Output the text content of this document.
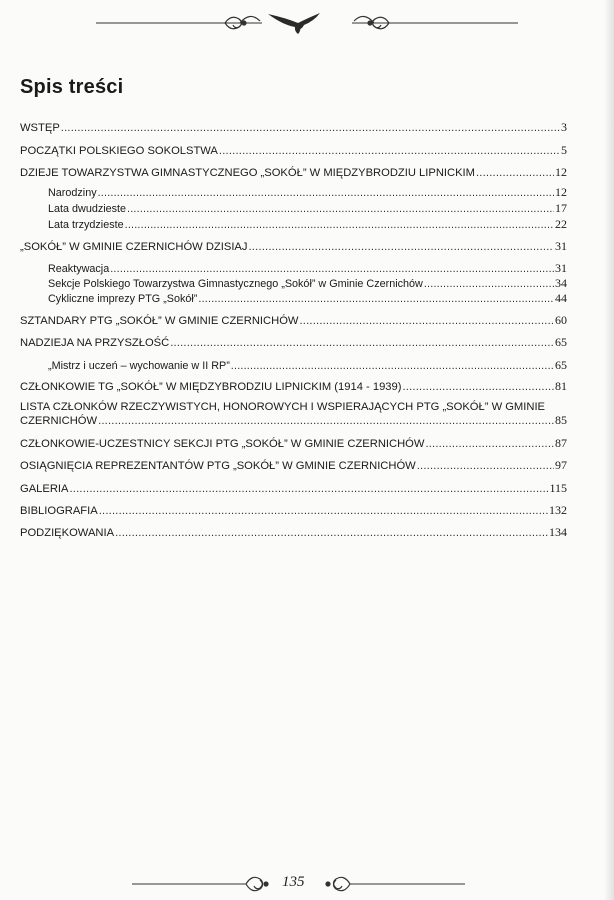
Spis treści
WSTĘP .....	3
POCZĄTKI POLSKIEGO SOKOLSTWA .....	5
DZIEJE TOWARZYSTWA GIMNASTYCZNEGO „SOKÓŁ” W MIĘDZYBRODZIU LIPNICKIM .....	12
Narodziny .....	12
Lata dwudzieste .....	17
Lata trzydzieste .....	22
„SOKÓŁ” W GMINIE CZERNICHÓW DZISIAJ .....	31
Reaktywacja .....	31
Sekcje Polskiego Towarzystwa Gimnastycznego „Sokół” w Gminie Czernichów .....	34
Cykliczne imprezy PTG „Sokół” .....	44
SZTANDARY PTG „SOKÓŁ” W GMINIE CZERNICHÓW .....	60
NADZIEJA NA PRZYSZŁOŚĆ .....	65
„Mistrz i uczeń – wychowanie w II RP” .....	65
CZŁONKOWIE TG „SOKÓŁ” W MIĘDZYBRODZIU LIPNICKIM (1914 - 1939) .....	81
LISTA CZŁONKÓW RZECZYWISTYCH, HONOROWYCH I WSPIERAJĄCYCH PTG „SOKÓŁ” W GMINIE
CZERNICHÓW .....	85
CZŁONKOWIE-UCZESTNICY SEKCJI PTG „SOKÓŁ” W GMINIE CZERNICHÓW .....	87
OSIĄGNIĘCIA REPREZENTANTÓW PTG „SOKÓŁ” W GMINIE CZERNICHÓW .....	97
GALERIA .....	115
BIBLIOGRAFIA .....	132
PODZIĘKOWANIA .....	134
135
